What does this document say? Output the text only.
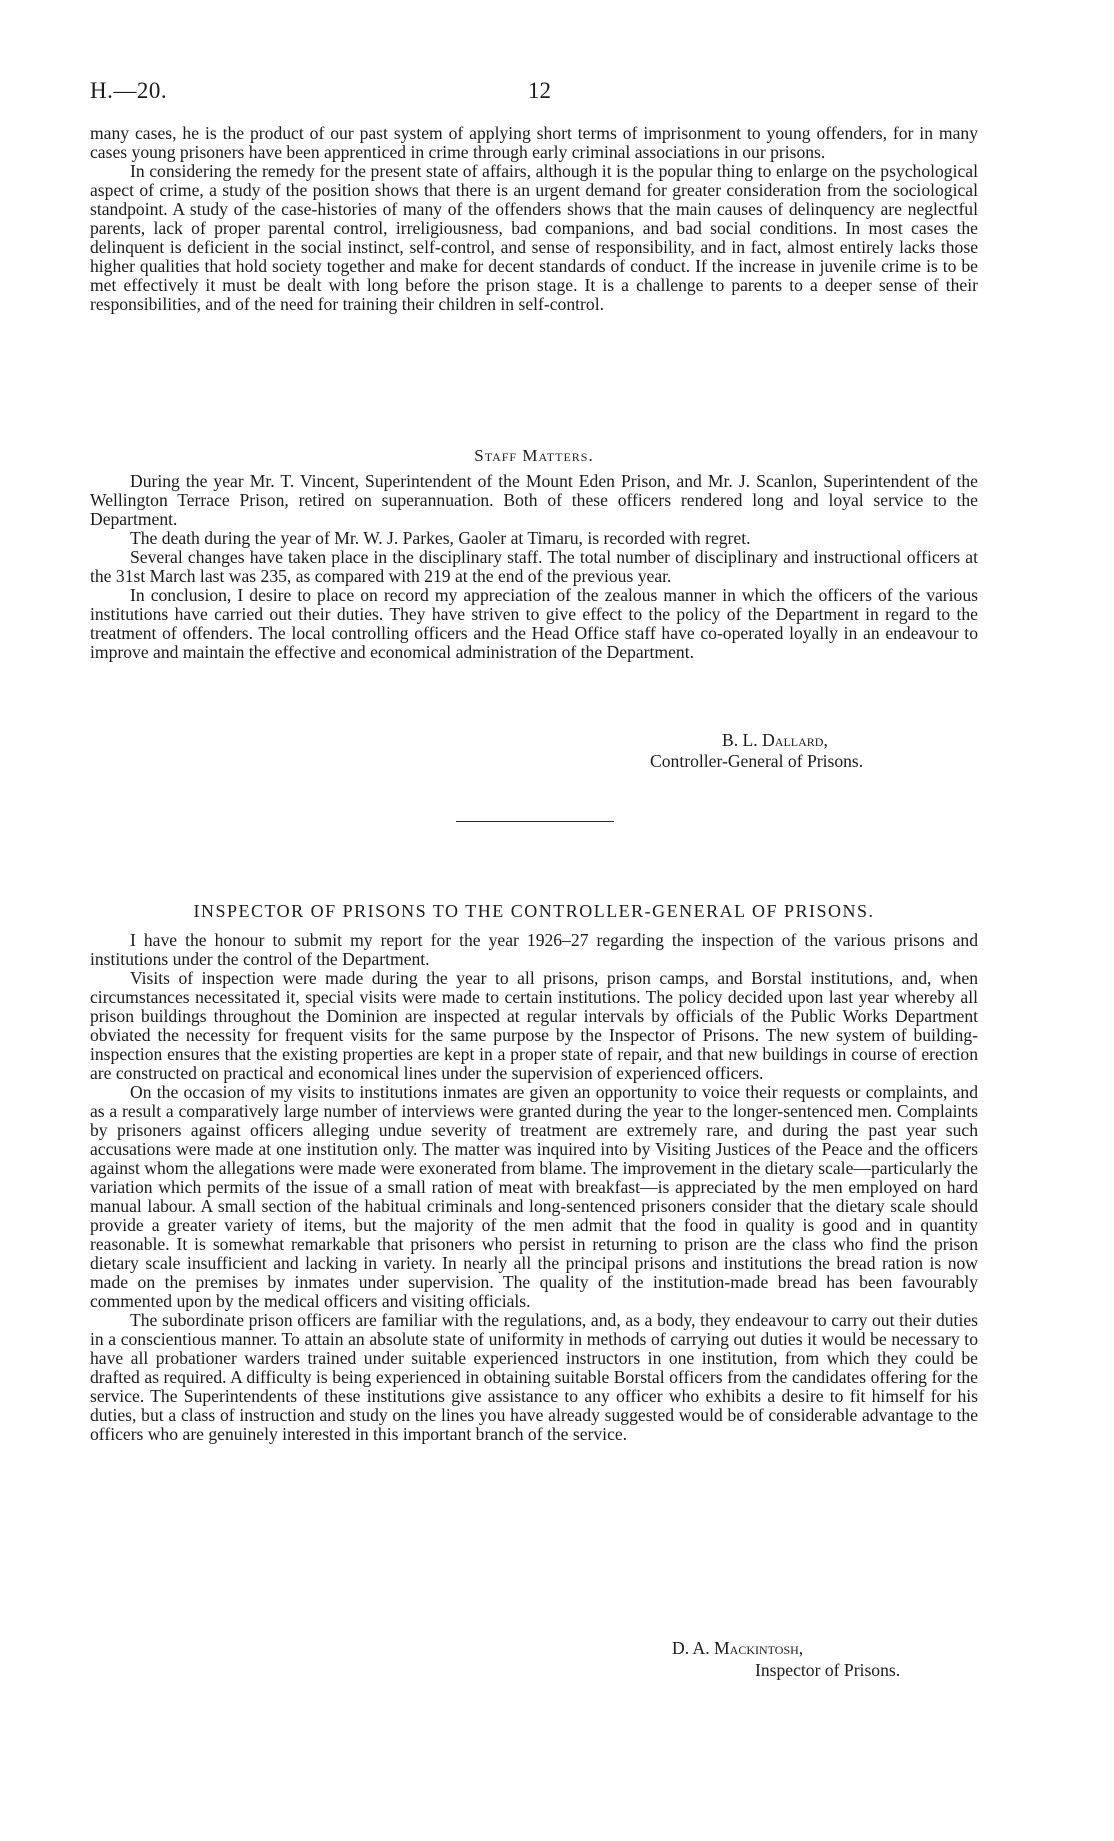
H.—20.	12

many cases, he is the product of our past system of applying short terms of imprisonment to young offenders, for in many cases young prisoners have been apprenticed in crime through early criminal associations in our prisons.

In considering the remedy for the present state of affairs, although it is the popular thing to enlarge on the psychological aspect of crime, a study of the position shows that there is an urgent demand for greater consideration from the sociological standpoint. A study of the case-histories of many of the offenders shows that the main causes of delinquency are neglectful parents, lack of proper parental control, irreligiousness, bad companions, and bad social conditions. In most cases the delinquent is deficient in the social instinct, self-control, and sense of responsibility, and in fact, almost entirely lacks those higher qualities that hold society together and make for decent standards of conduct. If the increase in juvenile crime is to be met effectively it must be dealt with long before the prison stage. It is a challenge to parents to a deeper sense of their responsibilities, and of the need for training their children in self-control.

Staff Matters.

During the year Mr. T. Vincent, Superintendent of the Mount Eden Prison, and Mr. J. Scanlon, Superintendent of the Wellington Terrace Prison, retired on superannuation. Both of these officers rendered long and loyal service to the Department.

The death during the year of Mr. W. J. Parkes, Gaoler at Timaru, is recorded with regret.

Several changes have taken place in the disciplinary staff. The total number of disciplinary and instructional officers at the 31st March last was 235, as compared with 219 at the end of the previous year.

In conclusion, I desire to place on record my appreciation of the zealous manner in which the officers of the various institutions have carried out their duties. They have striven to give effect to the policy of the Department in regard to the treatment of offenders. The local controlling officers and the Head Office staff have co-operated loyally in an endeavour to improve and maintain the effective and economical administration of the Department.

B. L. Dallard,
Controller-General of Prisons.

INSPECTOR OF PRISONS TO THE CONTROLLER-GENERAL OF PRISONS.

I have the honour to submit my report for the year 1926–27 regarding the inspection of the various prisons and institutions under the control of the Department.

Visits of inspection were made during the year to all prisons, prison camps, and Borstal institutions, and, when circumstances necessitated it, special visits were made to certain institutions. The policy decided upon last year whereby all prison buildings throughout the Dominion are inspected at regular intervals by officials of the Public Works Department obviated the necessity for frequent visits for the same purpose by the Inspector of Prisons. The new system of building-inspection ensures that the existing properties are kept in a proper state of repair, and that new buildings in course of erection are constructed on practical and economical lines under the supervision of experienced officers.

On the occasion of my visits to institutions inmates are given an opportunity to voice their requests or complaints, and as a result a comparatively large number of interviews were granted during the year to the longer-sentenced men. Complaints by prisoners against officers alleging undue severity of treatment are extremely rare, and during the past year such accusations were made at one institution only. The matter was inquired into by Visiting Justices of the Peace and the officers against whom the allegations were made were exonerated from blame. The improvement in the dietary scale—particularly the variation which permits of the issue of a small ration of meat with breakfast—is appreciated by the men employed on hard manual labour. A small section of the habitual criminals and long-sentenced prisoners consider that the dietary scale should provide a greater variety of items, but the majority of the men admit that the food in quality is good and in quantity reasonable. It is somewhat remarkable that prisoners who persist in returning to prison are the class who find the prison dietary scale insufficient and lacking in variety. In nearly all the principal prisons and institutions the bread ration is now made on the premises by inmates under supervision. The quality of the institution-made bread has been favourably commented upon by the medical officers and visiting officials.

The subordinate prison officers are familiar with the regulations, and, as a body, they endeavour to carry out their duties in a conscientious manner. To attain an absolute state of uniformity in methods of carrying out duties it would be necessary to have all probationer warders trained under suitable experienced instructors in one institution, from which they could be drafted as required. A difficulty is being experienced in obtaining suitable Borstal officers from the candidates offering for the service. The Superintendents of these institutions give assistance to any officer who exhibits a desire to fit himself for his duties, but a class of instruction and study on the lines you have already suggested would be of considerable advantage to the officers who are genuinely interested in this important branch of the service.

D. A. Mackintosh,
Inspector of Prisons.
